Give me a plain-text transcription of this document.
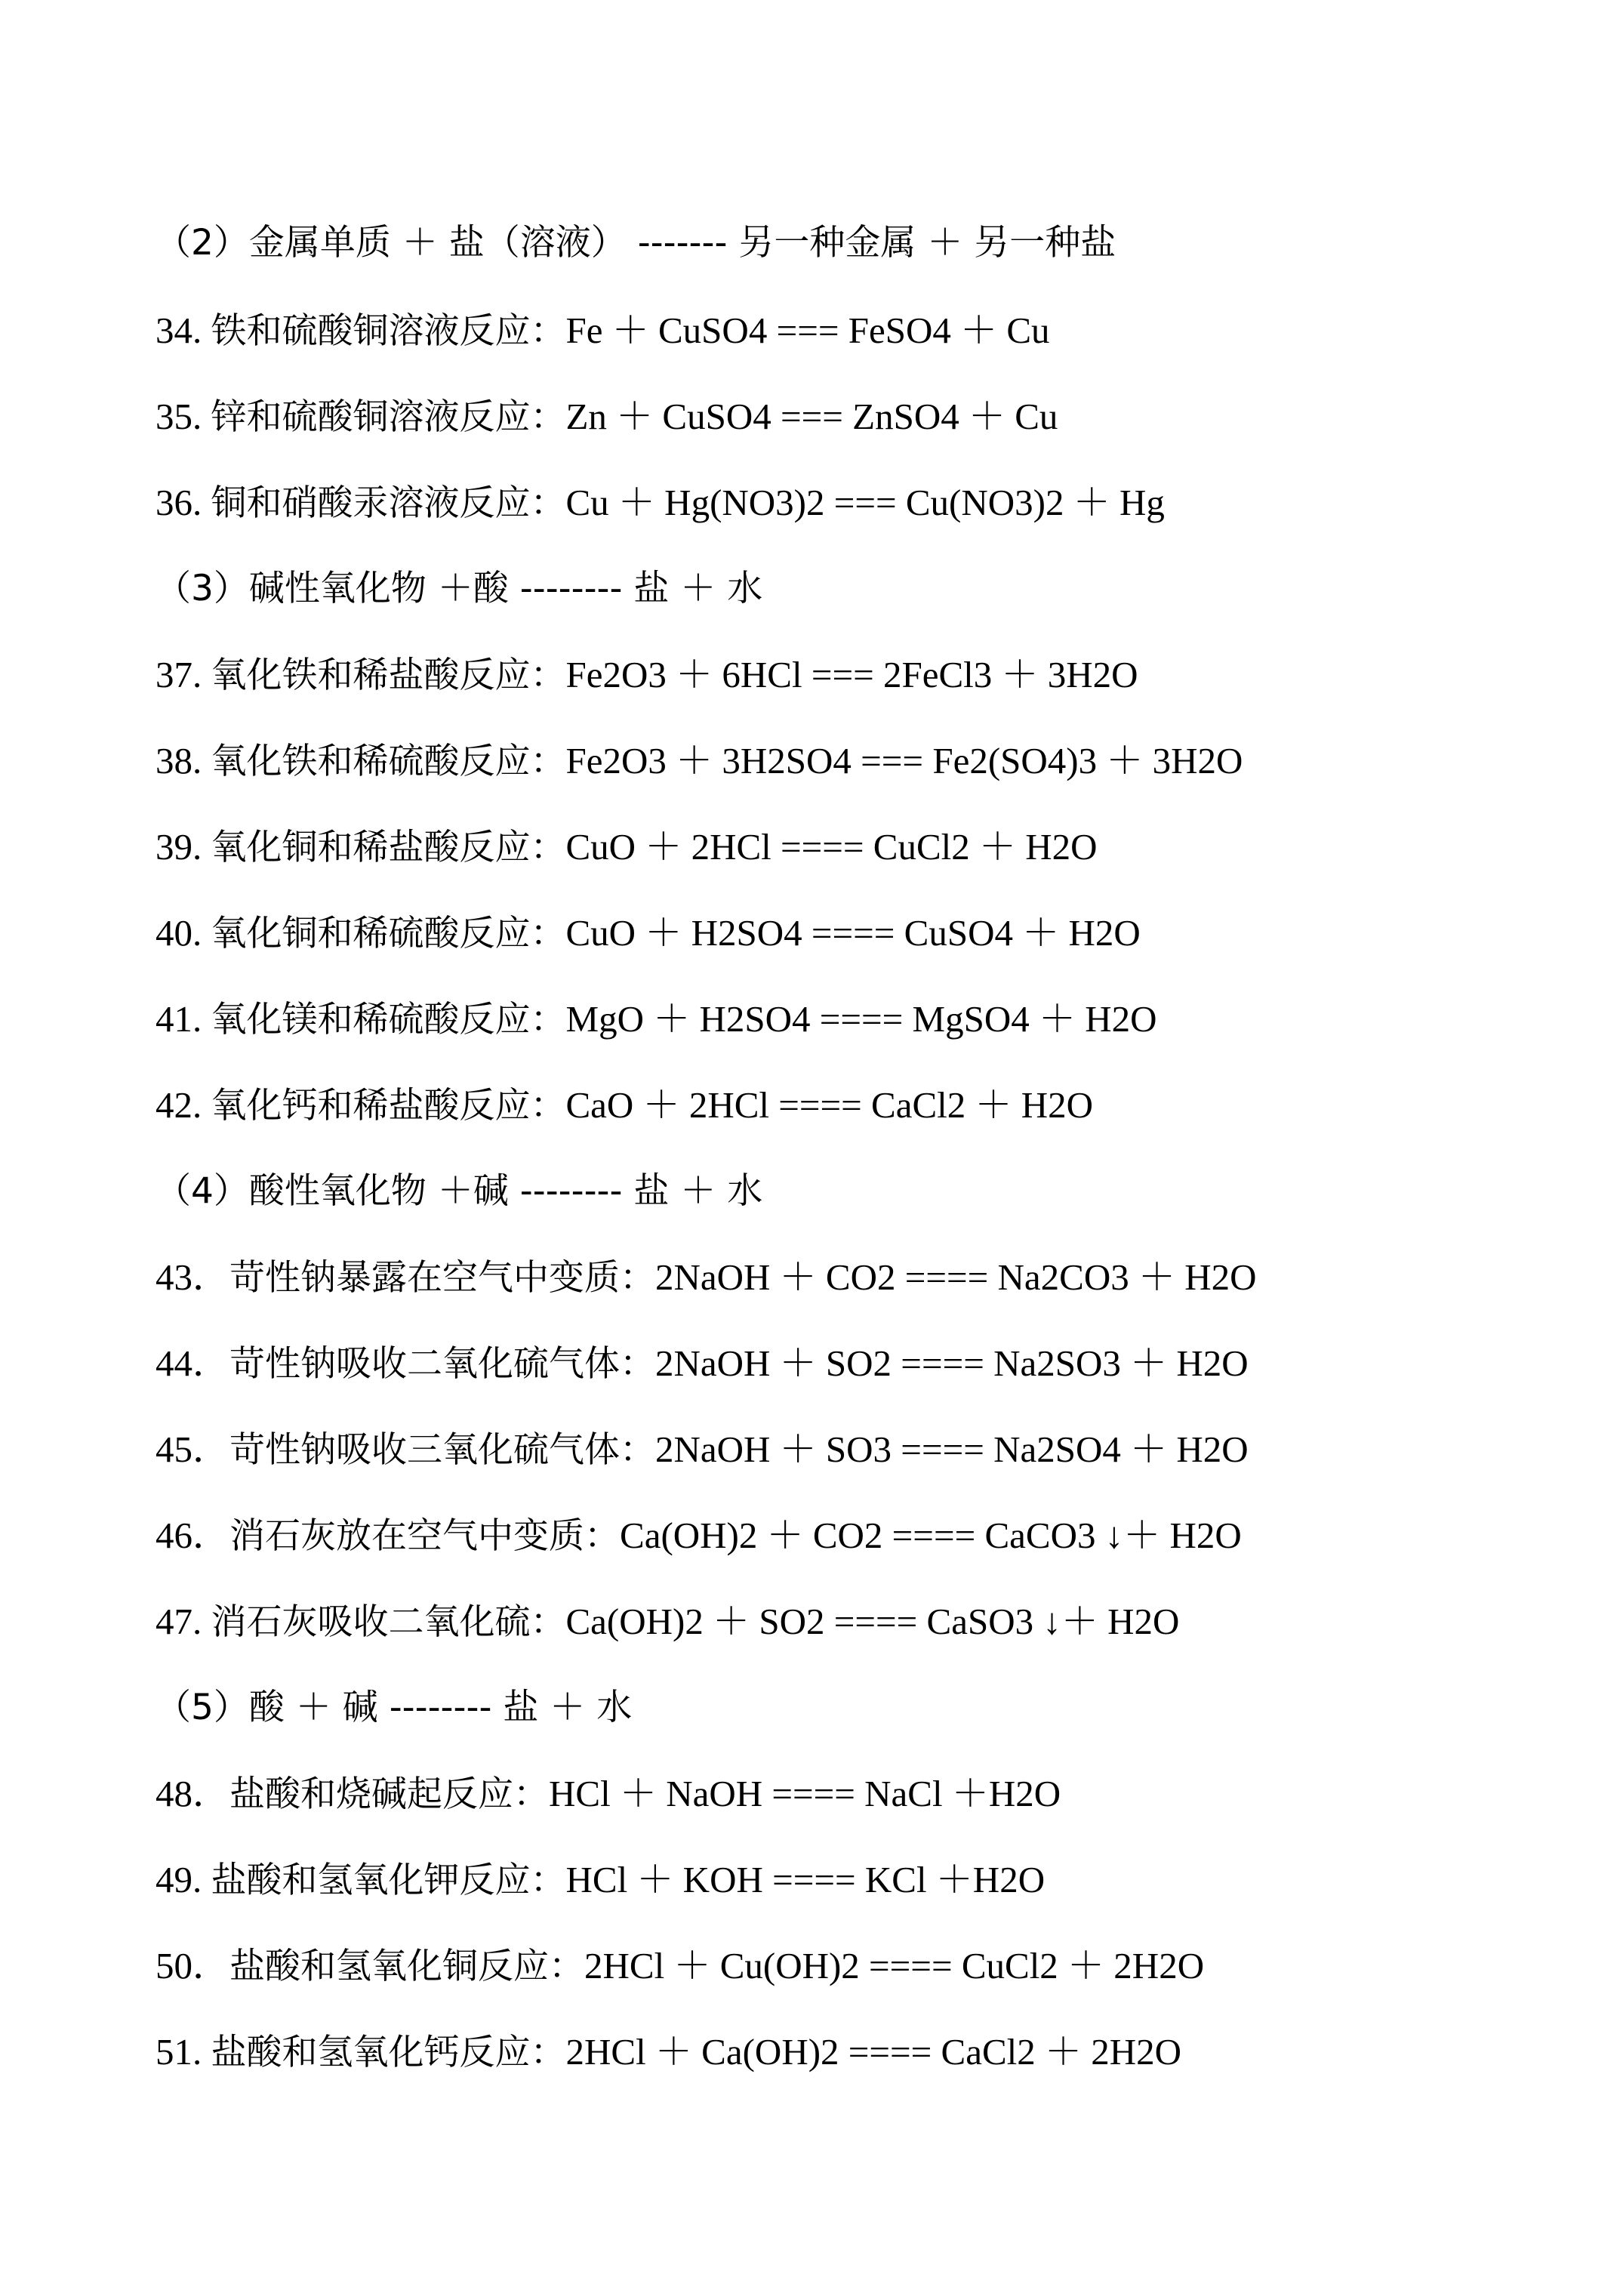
（2）金属单质 ＋ 盐（溶液） ------- 另一种金属 ＋ 另一种盐
34. 铁和硫酸铜溶液反应：Fe ＋ CuSO4 === FeSO4 ＋ Cu
35. 锌和硫酸铜溶液反应：Zn ＋ CuSO4 === ZnSO4 ＋ Cu
36. 铜和硝酸汞溶液反应：Cu ＋ Hg(NO3)2 === Cu(NO3)2 ＋ Hg
（3）碱性氧化物 ＋酸 -------- 盐 ＋ 水
37. 氧化铁和稀盐酸反应：Fe2O3 ＋ 6HCl === 2FeCl3 ＋ 3H2O
38. 氧化铁和稀硫酸反应：Fe2O3 ＋ 3H2SO4 === Fe2(SO4)3 ＋ 3H2O
39. 氧化铜和稀盐酸反应：CuO ＋ 2HCl ==== CuCl2 ＋ H2O
40. 氧化铜和稀硫酸反应：CuO ＋ H2SO4 ==== CuSO4 ＋ H2O
41. 氧化镁和稀硫酸反应：MgO ＋ H2SO4 ==== MgSO4 ＋ H2O
42. 氧化钙和稀盐酸反应：CaO ＋ 2HCl ==== CaCl2 ＋ H2O
（4）酸性氧化物 ＋碱 -------- 盐 ＋ 水
43．苛性钠暴露在空气中变质：2NaOH ＋ CO2 ==== Na2CO3 ＋ H2O
44．苛性钠吸收二氧化硫气体：2NaOH ＋ SO2 ==== Na2SO3 ＋ H2O
45．苛性钠吸收三氧化硫气体：2NaOH ＋ SO3 ==== Na2SO4 ＋ H2O
46．消石灰放在空气中变质：Ca(OH)2 ＋ CO2 ==== CaCO3 ↓＋ H2O
47. 消石灰吸收二氧化硫：Ca(OH)2 ＋ SO2 ==== CaSO3 ↓＋ H2O
（5）酸 ＋ 碱 -------- 盐 ＋ 水
48．盐酸和烧碱起反应：HCl ＋ NaOH ==== NaCl ＋H2O
49. 盐酸和氢氧化钾反应：HCl ＋ KOH ==== KCl ＋H2O
50．盐酸和氢氧化铜反应：2HCl ＋ Cu(OH)2 ==== CuCl2 ＋ 2H2O
51. 盐酸和氢氧化钙反应：2HCl ＋ Ca(OH)2 ==== CaCl2 ＋ 2H2O
